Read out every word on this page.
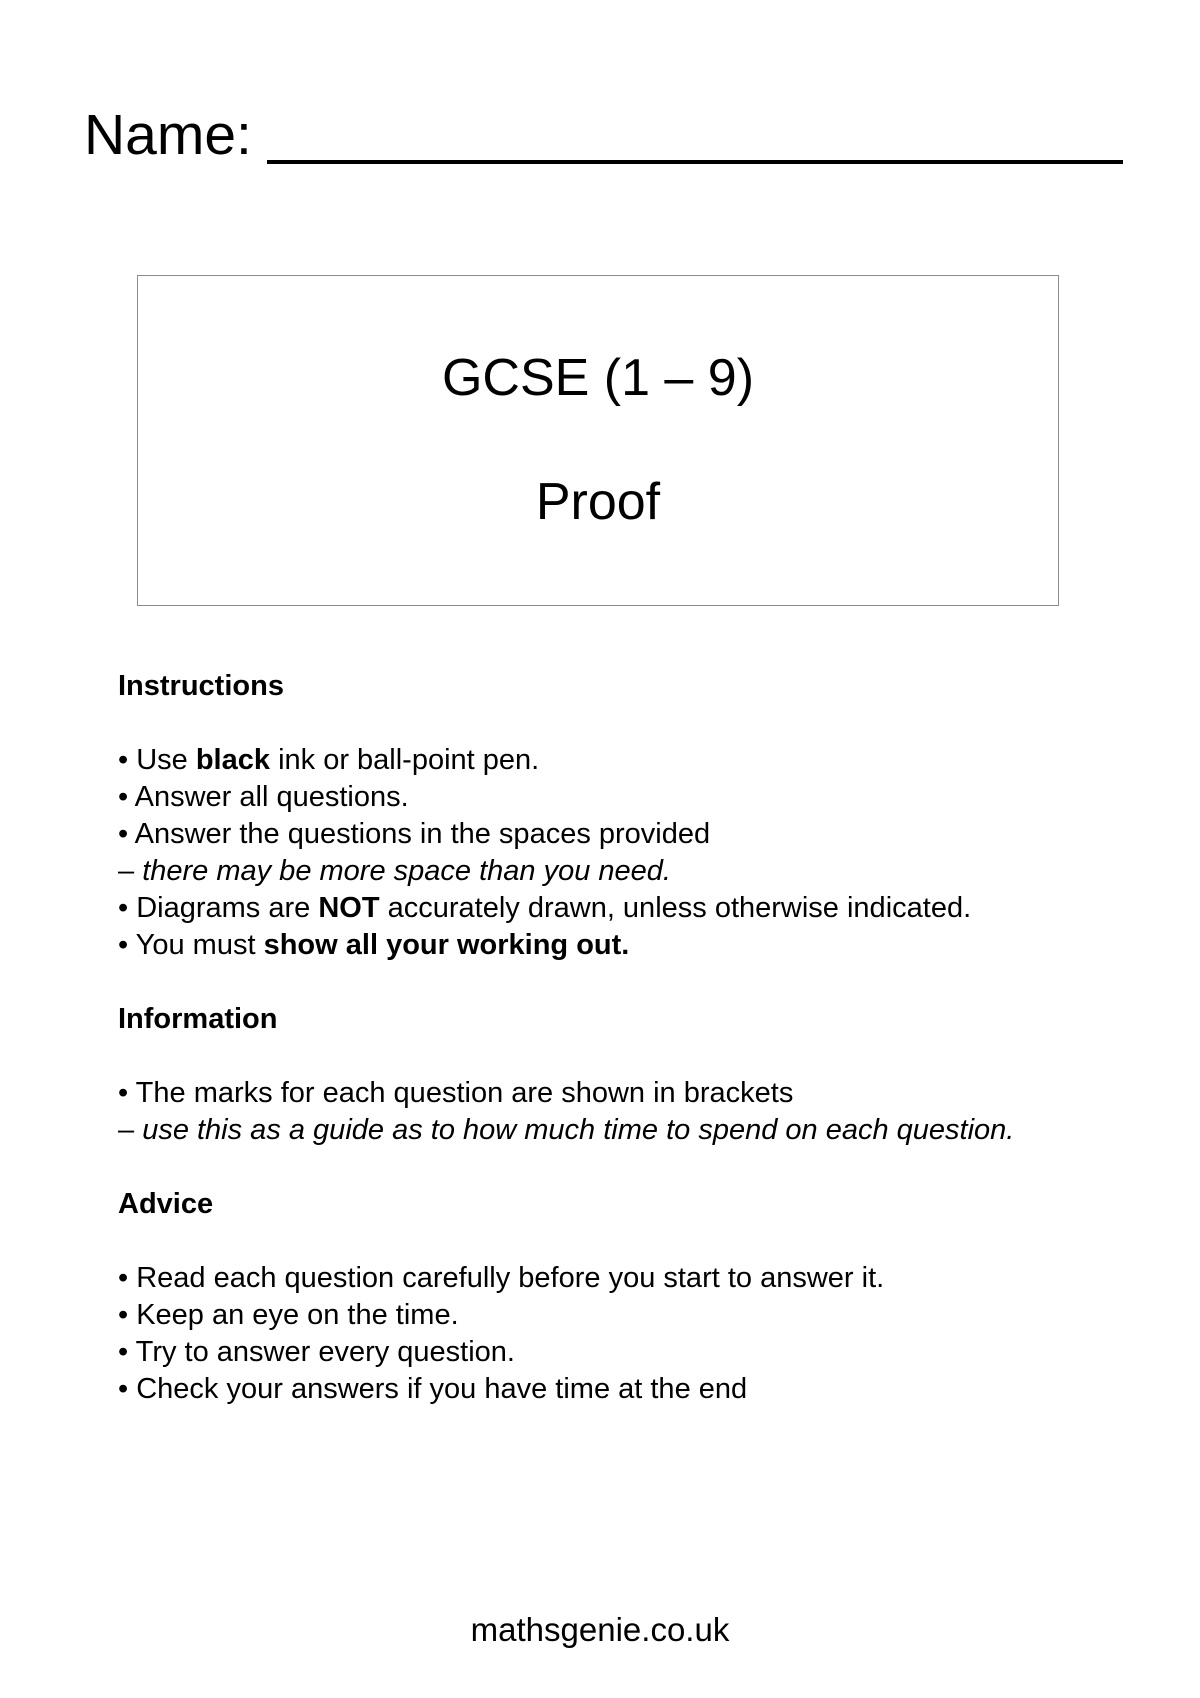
Name:
GCSE (1 – 9)
Proof
Instructions
• Use black ink or ball-point pen.
• Answer all questions.
• Answer the questions in the spaces provided
– there may be more space than you need.
• Diagrams are NOT accurately drawn, unless otherwise indicated.
• You must show all your working out.
Information
• The marks for each question are shown in brackets
– use this as a guide as to how much time to spend on each question.
Advice
• Read each question carefully before you start to answer it.
• Keep an eye on the time.
• Try to answer every question.
• Check your answers if you have time at the end
mathsgenie.co.uk
